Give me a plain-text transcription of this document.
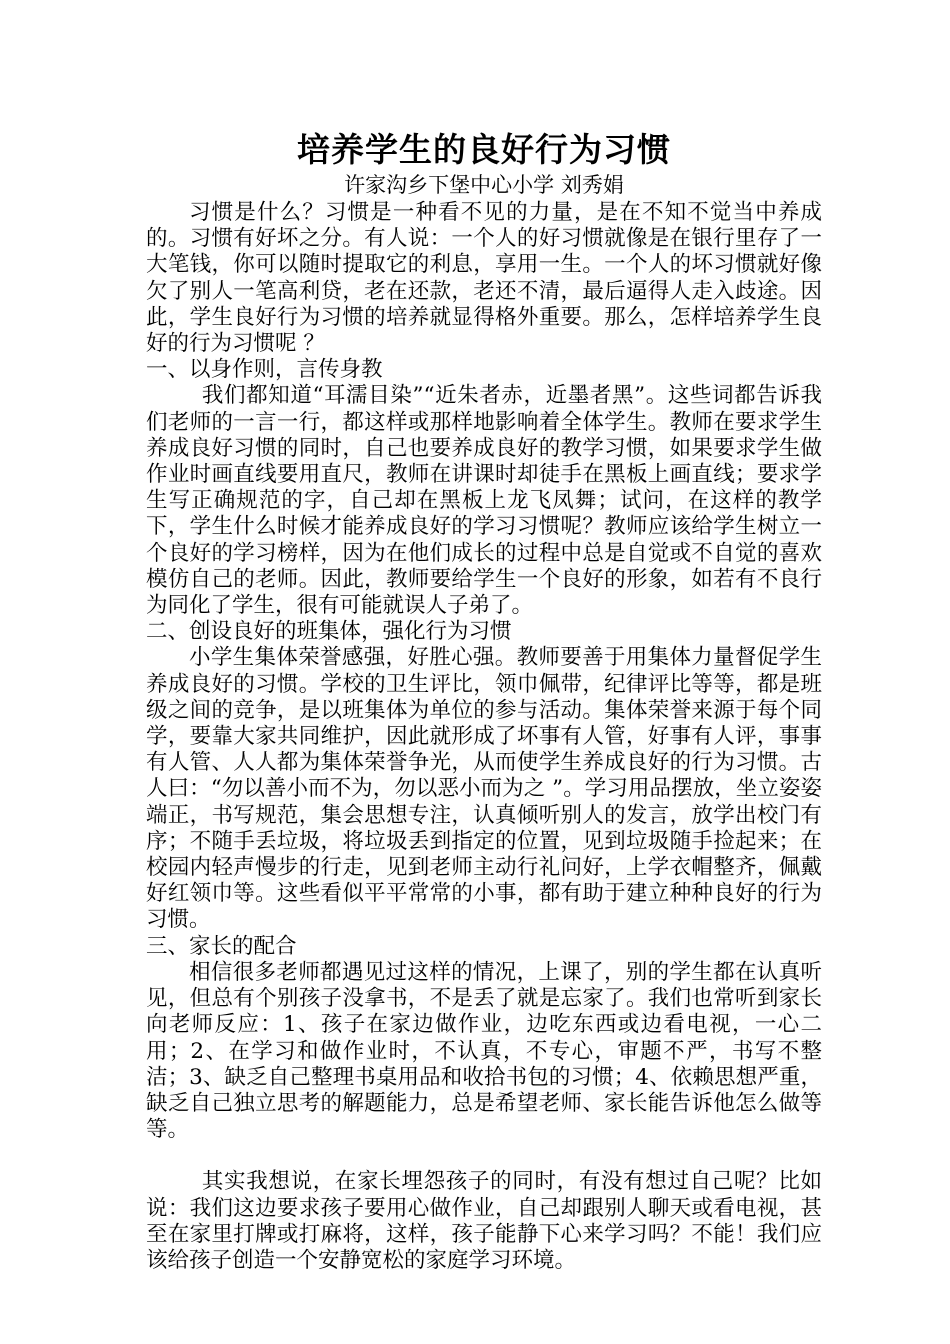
培养学生的良好行为习惯
许家沟乡下堡中心小学 刘秀娟

习惯是什么？习惯是一种看不见的力量，是在不知不觉当中养成的。习惯有好坏之分。有人说：一个人的好习惯就像是在银行里存了一大笔钱，你可以随时提取它的利息，享用一生。一个人的坏习惯就好像欠了别人一笔高利贷，老在还款，老还不清，最后逼得人走入歧途。因此，学生良好行为习惯的培养就显得格外重要。那么，怎样培养学生良好的行为习惯呢 ？

一、以身作则，言传身教

我们都知道“耳濡目染”“近朱者赤，近墨者黑”。这些词都告诉我们老师的一言一行，都这样或那样地影响着全体学生。教师在要求学生养成良好习惯的同时，自己也要养成良好的教学习惯，如果要求学生做作业时画直线要用直尺，教师在讲课时却徒手在黑板上画直线；要求学生写正确规范的字，自己却在黑板上龙飞凤舞；试问，在这样的教学下，学生什么时候才能养成良好的学习习惯呢？教师应该给学生树立一个良好的学习榜样，因为在他们成长的过程中总是自觉或不自觉的喜欢模仿自己的老师。因此，教师要给学生一个良好的形象，如若有不良行为同化了学生，很有可能就误人子弟了。

二、创设良好的班集体，强化行为习惯

小学生集体荣誉感强，好胜心强。教师要善于用集体力量督促学生养成良好的习惯。学校的卫生评比，领巾佩带，纪律评比等等，都是班级之间的竞争，是以班集体为单位的参与活动。集体荣誉来源于每个同学，要靠大家共同维护，因此就形成了坏事有人管，好事有人评，事事有人管、人人都为集体荣誉争光，从而使学生养成良好的行为习惯。古人曰：“勿以善小而不为，勿以恶小而为之 ”。学习用品摆放，坐立姿姿端正，书写规范，集会思想专注，认真倾听别人的发言，放学出校门有序；不随手丢垃圾，将垃圾丢到指定的位置，见到垃圾随手捡起来；在校园内轻声慢步的行走，见到老师主动行礼问好，上学衣帽整齐，佩戴好红领巾等。这些看似平平常常的小事，都有助于建立种种良好的行为习惯。

三、家长的配合

相信很多老师都遇见过这样的情况，上课了，别的学生都在认真听见，但总有个别孩子没拿书，不是丢了就是忘家了。我们也常听到家长向老师反应：1、孩子在家边做作业，边吃东西或边看电视，一心二用；2、在学习和做作业时，不认真，不专心，审题不严，书写不整洁；3、缺乏自己整理书桌用品和收拾书包的习惯；4、依赖思想严重，缺乏自己独立思考的解题能力，总是希望老师、家长能告诉他怎么做等等。

其实我想说，在家长埋怨孩子的同时，有没有想过自己呢？比如说：我们这边要求孩子要用心做作业，自己却跟别人聊天或看电视，甚至在家里打牌或打麻将，这样，孩子能静下心来学习吗？不能！我们应该给孩子创造一个安静宽松的家庭学习环境。
